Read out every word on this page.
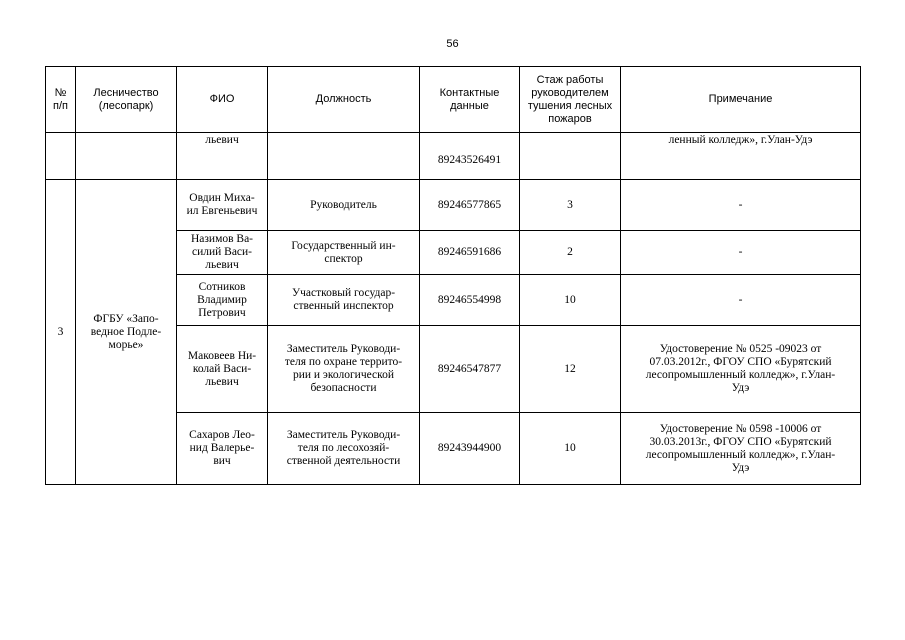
56
№
п/п	Лесничество
(лесопарк)	ФИО	Должность	Контактные
данные	Стаж работы
руководителем
тушения лесных
пожаров	Примечание
		льевич		89243526491		ленный колледж», г.Улан-Удэ
3	ФГБУ «Запо-
ведное Подле-
морье»	Овдин Миха-
ил Евгеньевич	Руководитель	89246577865	3	-
		Назимов Ва-
силий Васи-
льевич	Государственный ин-
спектор	89246591686	2	-
		Сотников
Владимир
Петрович	Участковый государ-
ственный инспектор	89246554998	10	-
		Маковеев Ни-
колай Васи-
льевич	Заместитель Руководи-
теля по охране террито-
рии и экологической
безопасности	89246547877	12	Удостоверение № 0525 -09023 от
07.03.2012г., ФГОУ СПО «Бурятский
лесопромышленный колледж», г.Улан-
Удэ
		Сахаров Лео-
нид Валерье-
вич	Заместитель Руководи-
теля по лесохозяй-
ственной деятельности	89243944900	10	Удостоверение № 0598 -10006 от
30.03.2013г., ФГОУ СПО «Бурятский
лесопромышленный колледж», г.Улан-
Удэ
